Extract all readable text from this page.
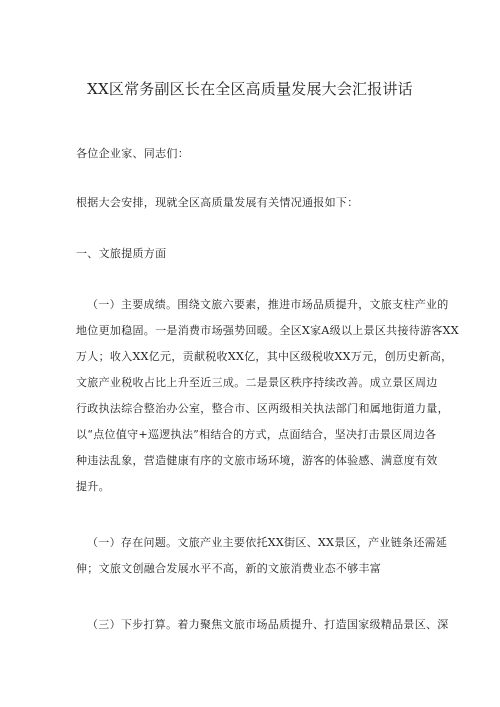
XX区常务副区长在全区高质量发展大会汇报讲话
各位企业家、同志们：
根据大会安排，现就全区高质量发展有关情况通报如下：
一、文旅提质方面
（一）主要成绩。围绕文旅六要素，推进市场品质提升，文旅支柱产业的
地位更加稳固。一是消费市场强势回暖。全区X家A级以上景区共接待游客XX
万人；收入XX亿元，贡献税收XX亿，其中区级税收XX万元，创历史新高，
文旅产业税收占比上升至近三成。二是景区秩序持续改善。成立景区周边
行政执法综合整治办公室，整合市、区两级相关执法部门和属地街道力量，
以“点位值守+巡逻执法”相结合的方式，点面结合，坚决打击景区周边各
种违法乱象，营造健康有序的文旅市场环境，游客的体验感、满意度有效
提升。
（一）存在问题。文旅产业主要依托XX街区、XX景区，产业链条还需延
伸；文旅文创融合发展水平不高，新的文旅消费业态不够丰富
（三）下步打算。着力聚焦文旅市场品质提升、打造国家级精品景区、深
